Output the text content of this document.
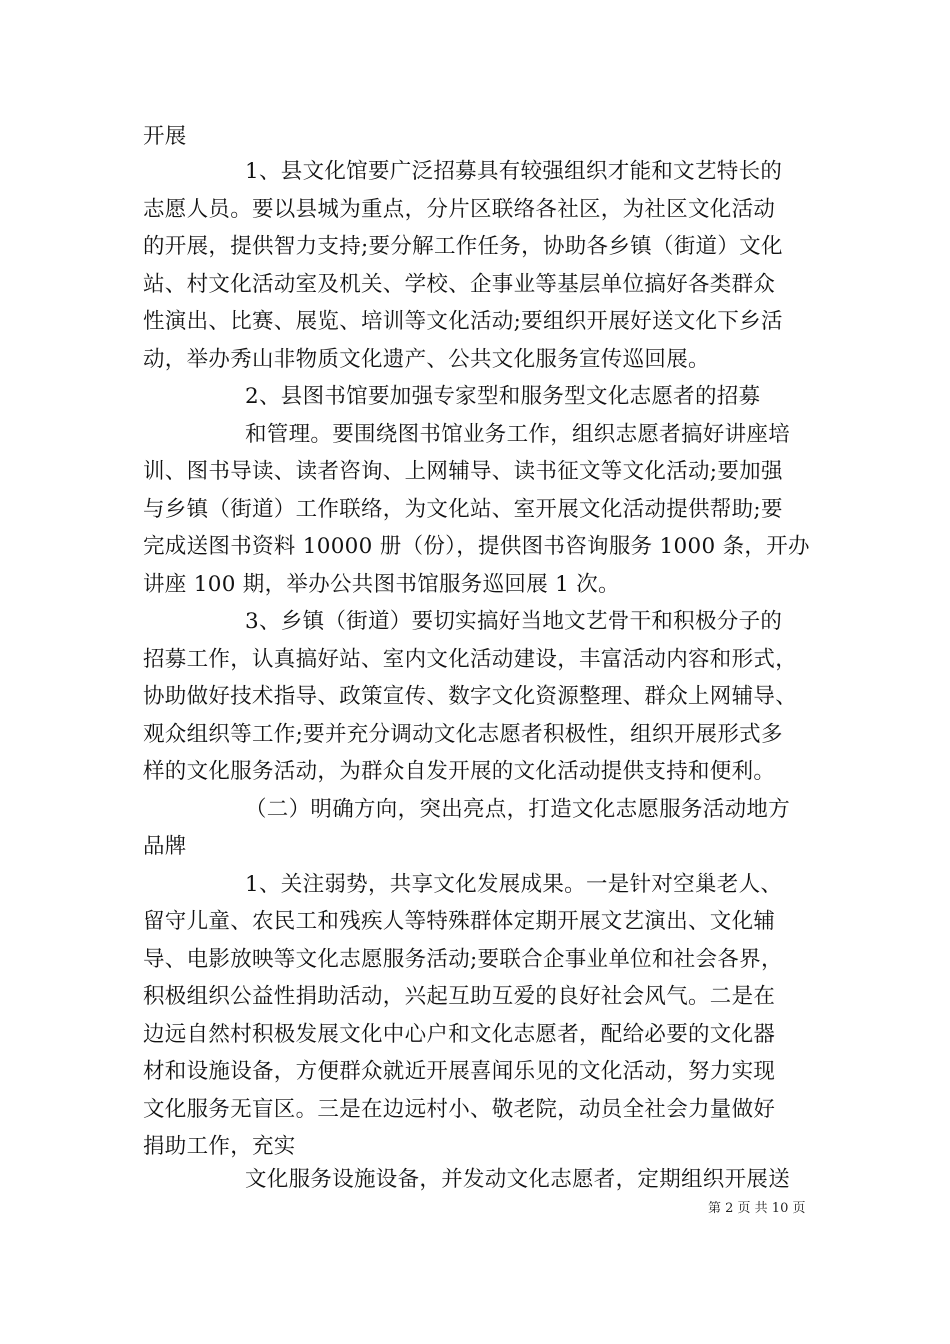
开展
1、县文化馆要广泛招募具有较强组织才能和文艺特长的
志愿人员。要以县城为重点，分片区联络各社区，为社区文化活动
的开展，提供智力支持;要分解工作任务，协助各乡镇（街道）文化
站、村文化活动室及机关、学校、企事业等基层单位搞好各类群众
性演出、比赛、展览、培训等文化活动;要组织开展好送文化下乡活
动，举办秀山非物质文化遗产、公共文化服务宣传巡回展。
2、县图书馆要加强专家型和服务型文化志愿者的招募
和管理。要围绕图书馆业务工作，组织志愿者搞好讲座培
训、图书导读、读者咨询、上网辅导、读书征文等文化活动;要加强
与乡镇（街道）工作联络，为文化站、室开展文化活动提供帮助;要
完成送图书资料 10000 册（份），提供图书咨询服务 1000 条，开办
讲座 100 期，举办公共图书馆服务巡回展 1 次。
3、乡镇（街道）要切实搞好当地文艺骨干和积极分子的
招募工作，认真搞好站、室内文化活动建设，丰富活动内容和形式，
协助做好技术指导、政策宣传、数字文化资源整理、群众上网辅导、
观众组织等工作;要并充分调动文化志愿者积极性，组织开展形式多
样的文化服务活动，为群众自发开展的文化活动提供支持和便利。
（二）明确方向，突出亮点，打造文化志愿服务活动地方
品牌
1、关注弱势，共享文化发展成果。一是针对空巢老人、
留守儿童、农民工和残疾人等特殊群体定期开展文艺演出、文化辅
导、电影放映等文化志愿服务活动;要联合企事业单位和社会各界，
积极组织公益性捐助活动，兴起互助互爱的良好社会风气。二是在
边远自然村积极发展文化中心户和文化志愿者，配给必要的文化器
材和设施设备，方便群众就近开展喜闻乐见的文化活动，努力实现
文化服务无盲区。三是在边远村小、敬老院，动员全社会力量做好
捐助工作，充实
文化服务设施设备，并发动文化志愿者，定期组织开展送
第 2 页 共 10 页
